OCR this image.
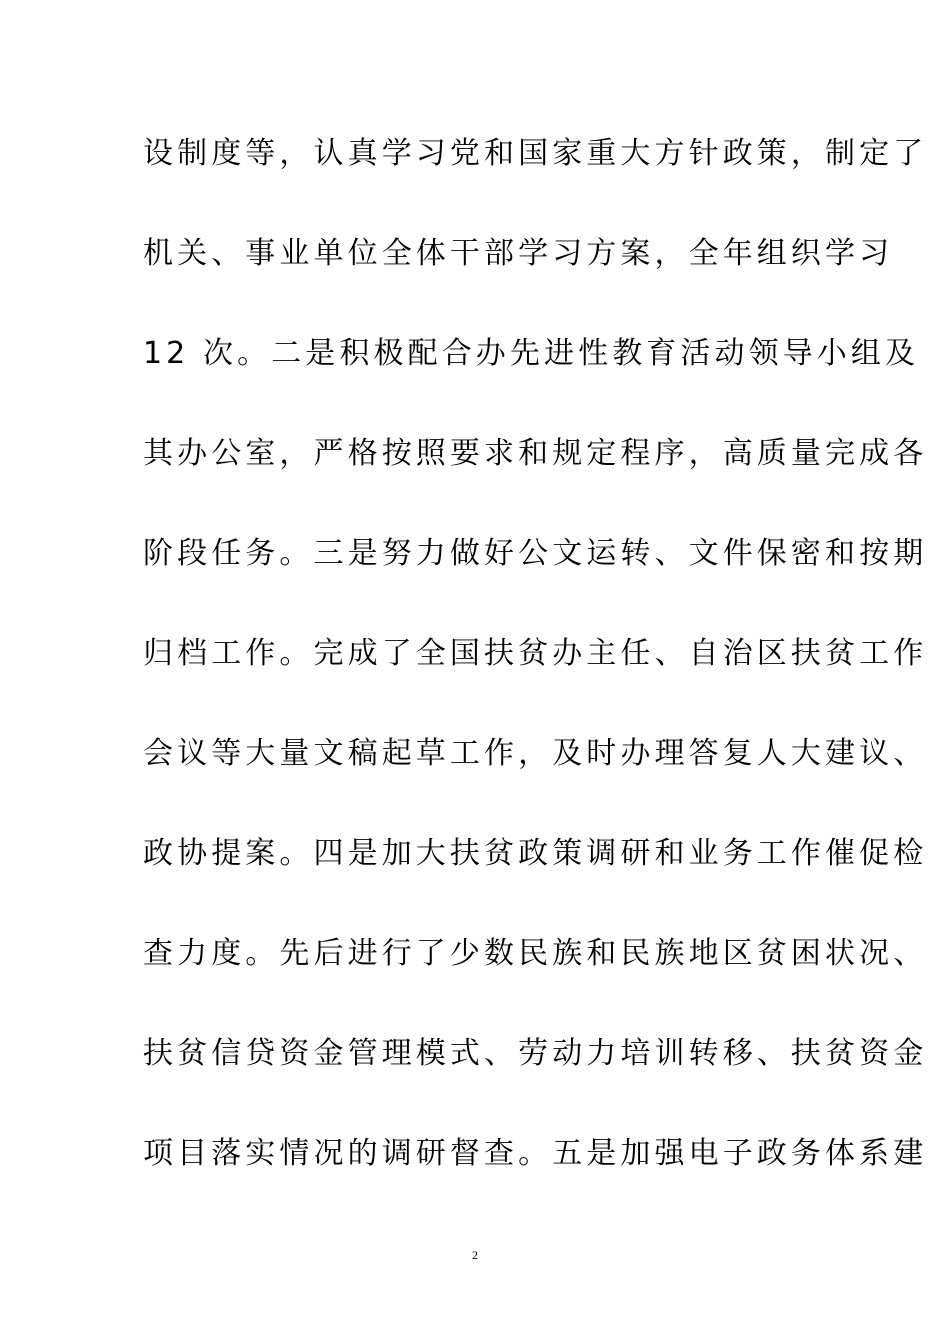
设制度等，认真学习党和国家重大方针政策，制定了
机关、事业单位全体干部学习方案，全年组织学习
12 次。二是积极配合办先进性教育活动领导小组及
其办公室，严格按照要求和规定程序，高质量完成各
阶段任务。三是努力做好公文运转、文件保密和按期
归档工作。完成了全国扶贫办主任、自治区扶贫工作
会议等大量文稿起草工作，及时办理答复人大建议、
政协提案。四是加大扶贫政策调研和业务工作催促检
查力度。先后进行了少数民族和民族地区贫困状况、
扶贫信贷资金管理模式、劳动力培训转移、扶贫资金
项目落实情况的调研督查。五是加强电子政务体系建
2
